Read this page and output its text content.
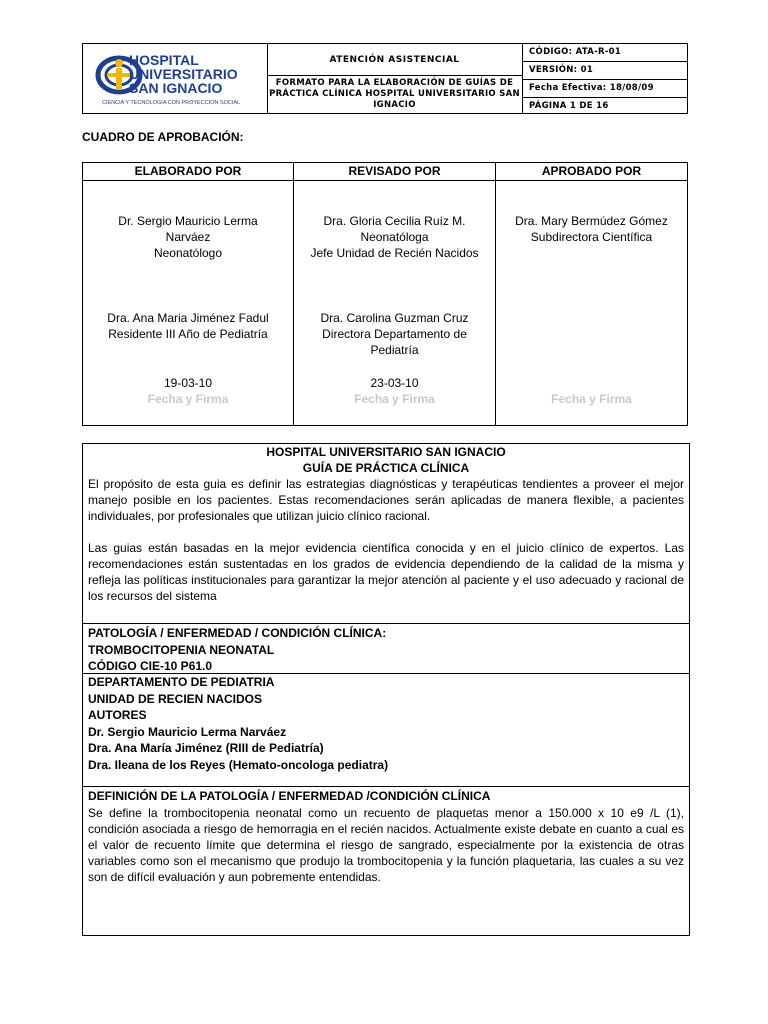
HOSPITAL
UNIVERSITARIO
SAN IGNACIO
CIENCIA Y TECNOLOGIA CON PROYECCION SOCIAL
ATENCIÓN ASISTENCIAL
FORMATO PARA LA ELABORACIÓN DE GUÍAS DE PRÁCTICA CLÍNICA HOSPITAL UNIVERSITARIO SAN IGNACIO
CÓDIGO: ATA-R-01
VERSIÓN: 01
Fecha Efectiva: 18/08/09
PÁGINA 1 DE 16
CUADRO DE APROBACIÓN:
ELABORADO POR
Dr. Sergio Mauricio Lerma
Narváez
Neonatólogo
Dra. Ana Maria Jiménez Fadul
Residente III Año de Pediatría
19-03-10
Fecha y Firma
REVISADO POR
Dra. Gloria Cecilia Ruíz M.
Neonatóloga
Jefe Unidad de Recién Nacidos
Dra. Carolina Guzman Cruz
Directora Departamento de
Pediatría
23-03-10
Fecha y Firma
APROBADO POR
Dra. Mary Bermúdez Gómez
Subdirectora Científica
Fecha y Firma
HOSPITAL UNIVERSITARIO SAN IGNACIO
GUÍA DE PRÁCTICA CLÍNICA
El propósito de esta guia es definir las estrategias diagnósticas y terapéuticas tendientes a proveer el mejor manejo posible en los pacientes. Estas recomendaciones serán aplicadas de manera flexible, a pacientes individuales, por profesionales que utilizan juicio clínico racional.
Las guias están basadas en la mejor evidencia científica conocida y en el juicio clínico de expertos. Las recomendaciones están sustentadas en los grados de evidencia dependiendo de la calidad de la misma y refleja las políticas institucionales para garantizar la mejor atención al paciente y el uso adecuado y racional de los recursos del sistema
PATOLOGÍA / ENFERMEDAD / CONDICIÓN CLÍNICA:
TROMBOCITOPENIA NEONATAL
CÓDIGO CIE-10 P61.0
DEPARTAMENTO DE PEDIATRIA
UNIDAD DE RECIEN NACIDOS
AUTORES
Dr. Sergio Mauricio Lerma Narváez
Dra. Ana María Jiménez (RIII de Pediatría)
Dra. Ileana de los Reyes (Hemato-oncologa pediatra)
DEFINICIÓN DE LA PATOLOGÍA / ENFERMEDAD /CONDICIÓN CLÍNICA
Se define la trombocitopenia neonatal como un recuento de plaquetas menor a 150.000 x 10 e9 /L (1), condición asociada a riesgo de hemorragia en el recién nacidos. Actualmente existe debate en cuanto a cual es el valor de recuento límite que determina el riesgo de sangrado, especialmente por la existencia de otras variables como son el mecanismo que produjo la trombocitopenia y la función plaquetaria, las cuales a su vez son de difícil evaluación y aun pobremente entendidas.
